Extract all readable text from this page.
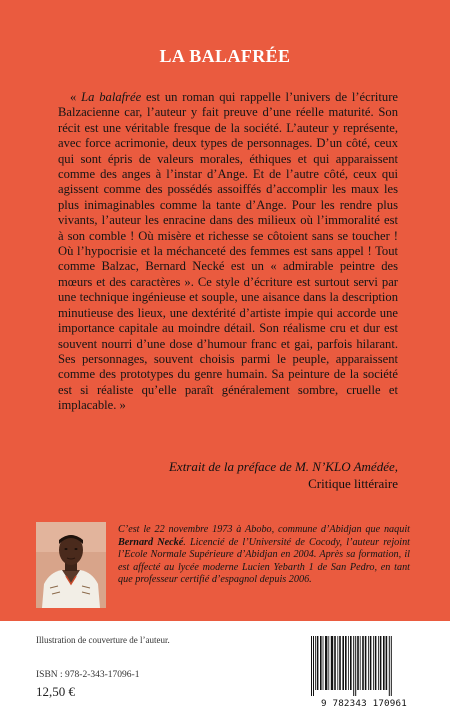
LA BALAFRÉE

« La balafrée est un roman qui rappelle l’univers de l’écriture Balzacienne car, l’auteur y fait preuve d’une réelle maturité. Son récit est une véritable fresque de la société. L’auteur y représente, avec force acrimonie, deux types de personnages. D’un côté, ceux qui sont épris de valeurs morales, éthiques et qui apparaissent comme des anges à l’instar d’Ange. Et de l’autre côté, ceux qui agissent comme des possédés assoiffés d’accomplir les maux les plus inimaginables comme la tante d’Ange. Pour les rendre plus vivants, l’auteur les enracine dans des milieux où l’immoralité est à son comble ! Où misère et richesse se côtoient sans se toucher ! Où l’hypocrisie et la méchanceté des femmes est sans appel ! Tout comme Balzac, Bernard Necké est un « admirable peintre des mœurs et des caractères ». Ce style d’écriture est surtout servi par une technique ingénieuse et souple, une aisance dans la description minutieuse des lieux, une dextérité d’artiste impie qui accorde une importance capitale au moindre détail. Son réalisme cru et dur est souvent nourri d’une dose d’humour franc et gai, parfois hilarant. Ses personnages, souvent choisis parmi le peuple, apparaissent comme des prototypes du genre humain. Sa peinture de la société est si réaliste qu’elle paraît généralement sombre, cruelle et implacable. »

Extrait de la préface de M. N’KLO Amédée,
Critique littéraire

C’est le 22 novembre 1973 à Abobo, commune d’Abidjan que naquit Bernard Necké. Licencié de l’Université de Cocody, l’auteur rejoint l’Ecole Normale Supérieure d’Abidjan en 2004. Après sa formation, il est affecté au lycée moderne Lucien Yebarth 1 de San Pedro, en tant que professeur certifié d’espagnol depuis 2006.

Illustration de couverture de l’auteur.

ISBN : 978-2-343-17096-1

12,50 €

9 782343 170961
